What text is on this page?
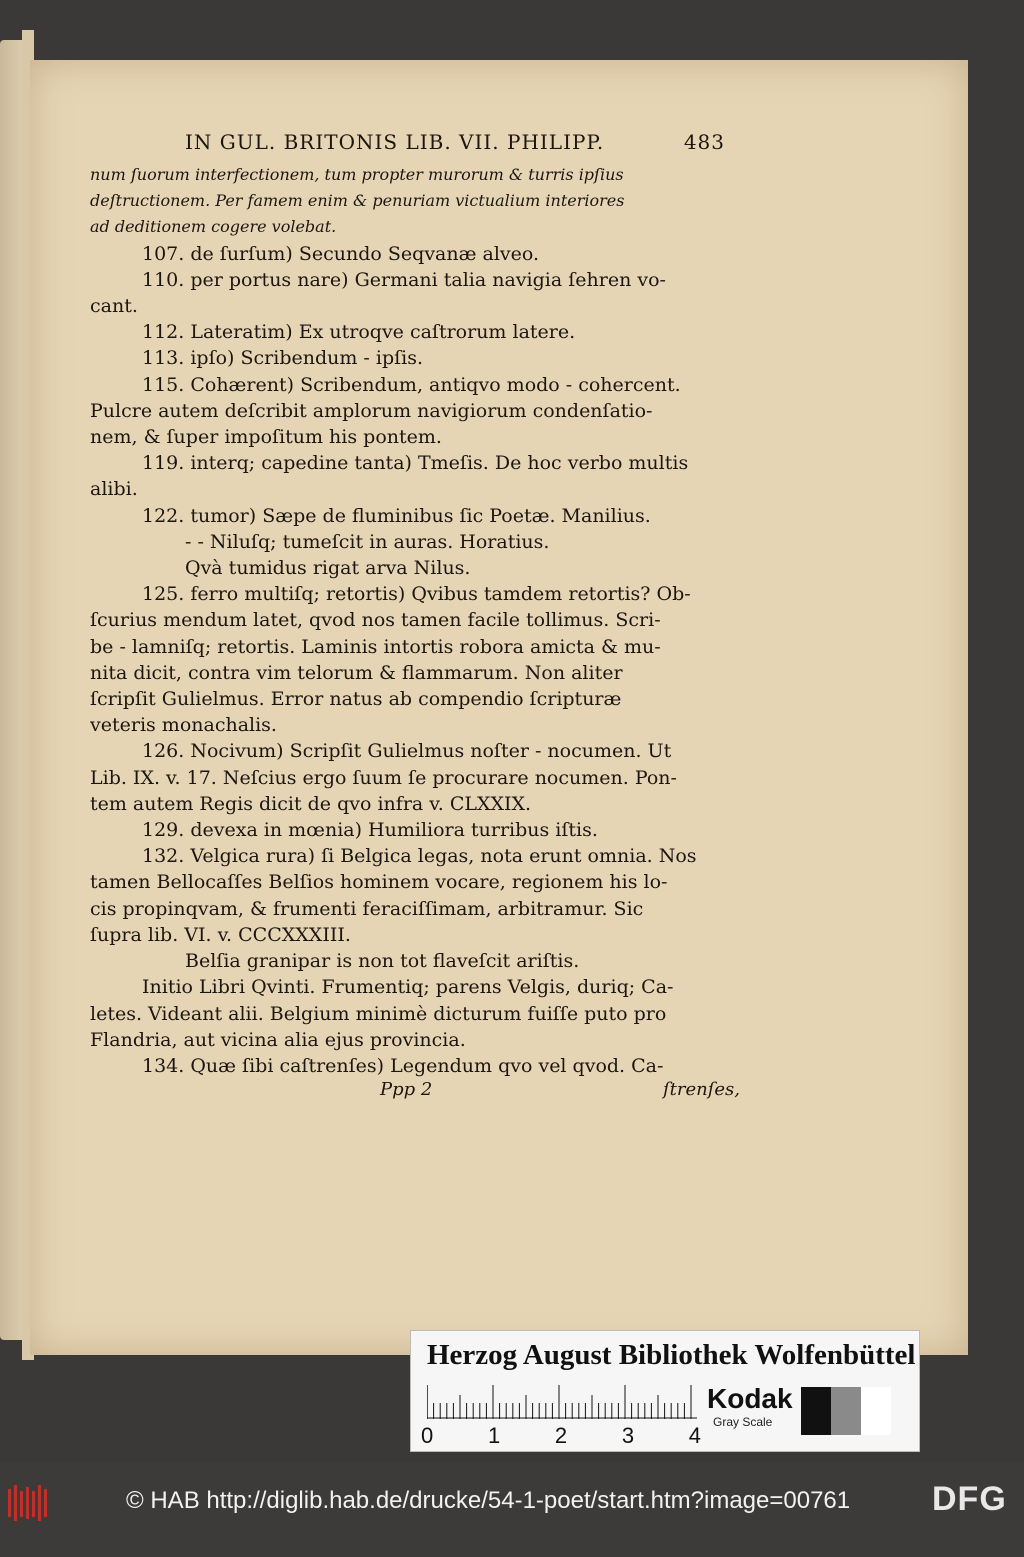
IN GUL. BRITONIS LIB. VII. PHILIPP.	483
num ſuorum interfectionem, tum propter murorum & turris ipſius
deſtructionem. Per famem enim & penuriam victualium interiores
ad deditionem cogere volebat.
107. de ſurſum) Secundo Seqvanæ alveo.
110. per portus nare) Germani talia navigia ſehren vo-
cant.
112. Lateratim) Ex utroqve caſtrorum latere.
113. ipſo) Scribendum - ipſis.
115. Cohærent) Scribendum, antiqvo modo - cohercent.
Pulcre autem deſcribit amplorum navigiorum condenſatio-
nem, & ſuper impoſitum his pontem.
119. interq; capedine tanta) Tmeſis. De hoc verbo multis
alibi.
122. tumor) Sæpe de fluminibus ſic Poetæ. Manilius.
- - Niluſq; tumeſcit in auras. Horatius.
Qvà tumidus rigat arva Nilus.
125. ferro multiſq; retortis) Qvibus tamdem retortis? Ob-
ſcurius mendum latet, qvod nos tamen facile tollimus. Scri-
be - lamniſq; retortis. Laminis intortis robora amicta & mu-
nita dicit, contra vim telorum & flammarum. Non aliter
ſcripſit Gulielmus. Error natus ab compendio ſcripturæ
veteris monachalis.
126. Nocivum) Scripſit Gulielmus noſter - nocumen. Ut
Lib. IX. v. 17. Neſcius ergo ſuum ſe procurare nocumen. Pon-
tem autem Regis dicit de qvo infra v. CLXXIX.
129. devexa in mœnia) Humiliora turribus iſtis.
132. Velgica rura) ſi Belgica legas, nota erunt omnia. Nos
tamen Bellocaſſes Belſios hominem vocare, regionem his lo-
cis propinqvam, & frumenti feraciſſimam, arbitramur. Sic
ſupra lib. VI. v. CCCXXXIII.
Belſia granipar is non tot flaveſcit ariſtis.
Initio Libri Qvinti. Frumentiq; parens Velgis, duriq; Ca-
letes. Videant alii. Belgium minimè dicturum fuiſſe puto pro
Flandria, aut vicina alia ejus provincia.
134. Quæ ſibi caſtrenſes) Legendum qvo vel qvod. Ca-
Ppp 2	ſtrenſes,
Herzog August Bibliothek Wolfenbüttel
0 1 2 3 4
Kodak
Gray Scale
© HAB http://diglib.hab.de/drucke/54-1-poet/start.htm?image=00761 DFG
